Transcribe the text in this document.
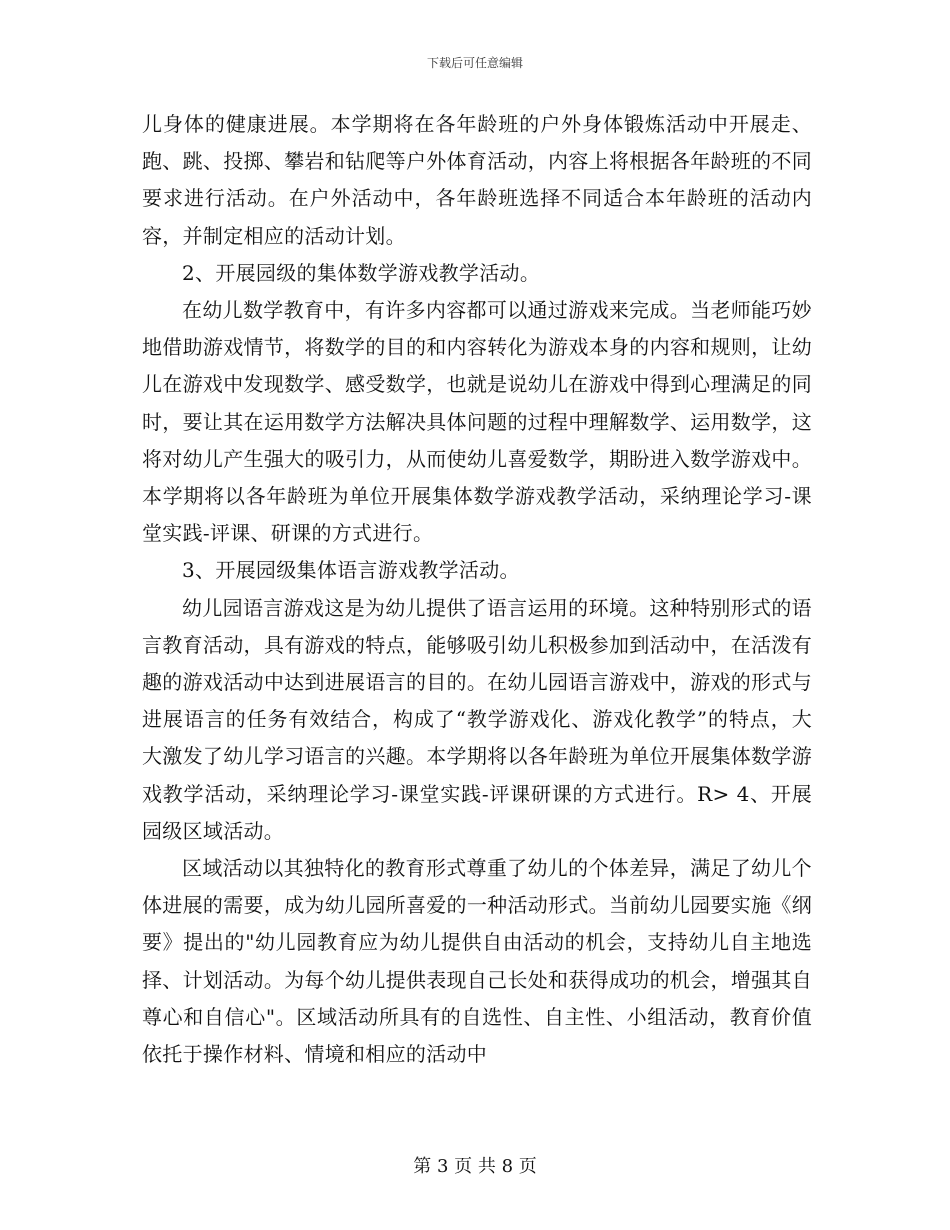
下载后可任意编辑

儿身体的健康进展。本学期将在各年龄班的户外身体锻炼活动中开展走、跑、跳、投掷、攀岩和钻爬等户外体育活动，内容上将根据各年龄班的不同要求进行活动。在户外活动中，各年龄班选择不同适合本年龄班的活动内容，并制定相应的活动计划。

2、开展园级的集体数学游戏教学活动。

在幼儿数学教育中，有许多内容都可以通过游戏来完成。当老师能巧妙地借助游戏情节，将数学的目的和内容转化为游戏本身的内容和规则，让幼儿在游戏中发现数学、感受数学，也就是说幼儿在游戏中得到心理满足的同时，要让其在运用数学方法解决具体问题的过程中理解数学、运用数学，这将对幼儿产生强大的吸引力，从而使幼儿喜爱数学，期盼进入数学游戏中。本学期将以各年龄班为单位开展集体数学游戏教学活动，采纳理论学习-课堂实践-评课、研课的方式进行。

3、开展园级集体语言游戏教学活动。

幼儿园语言游戏这是为幼儿提供了语言运用的环境。这种特别形式的语言教育活动，具有游戏的特点，能够吸引幼儿积极参加到活动中，在活泼有趣的游戏活动中达到进展语言的目的。在幼儿园语言游戏中，游戏的形式与进展语言的任务有效结合，构成了“教学游戏化、游戏化教学”的特点，大大激发了幼儿学习语言的兴趣。本学期将以各年龄班为单位开展集体数学游戏教学活动，采纳理论学习-课堂实践-评课研课的方式进行。R> 4、开展园级区域活动。

区域活动以其独特化的教育形式尊重了幼儿的个体差异，满足了幼儿个体进展的需要，成为幼儿园所喜爱的一种活动形式。当前幼儿园要实施《纲要》提出的"幼儿园教育应为幼儿提供自由活动的机会，支持幼儿自主地选择、计划活动。为每个幼儿提供表现自己长处和获得成功的机会，增强其自尊心和自信心"。区域活动所具有的自选性、自主性、小组活动，教育价值依托于操作材料、情境和相应的活动中

第 3 页 共 8 页
